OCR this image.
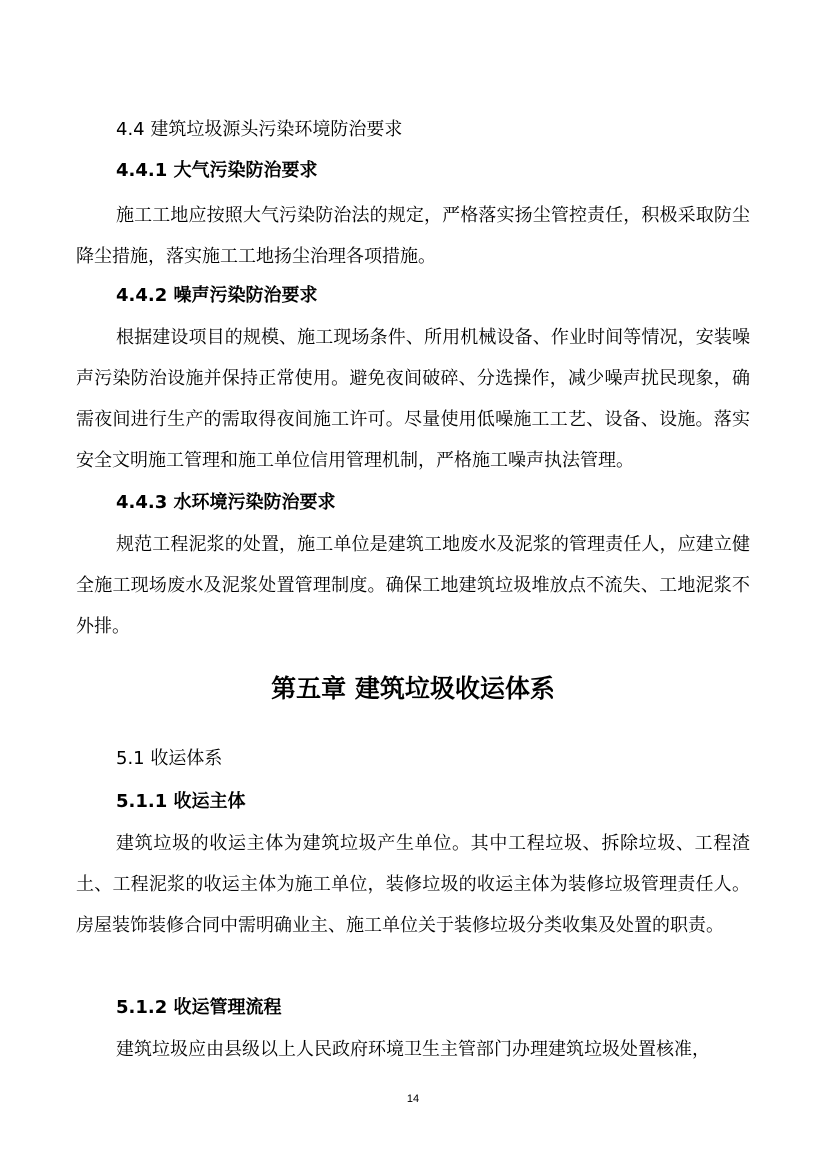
4.4 建筑垃圾源头污染环境防治要求
4.4.1 大气污染防治要求

施工工地应按照大气污染防治法的规定，严格落实扬尘管控责任，积极采取防尘降尘措施，落实施工工地扬尘治理各项措施。

4.4.2 噪声污染防治要求

根据建设项目的规模、施工现场条件、所用机械设备、作业时间等情况，安装噪声污染防治设施并保持正常使用。避免夜间破碎、分选操作，减少噪声扰民现象，确需夜间进行生产的需取得夜间施工许可。尽量使用低噪施工工艺、设备、设施。落实安全文明施工管理和施工单位信用管理机制，严格施工噪声执法管理。

4.4.3 水环境污染防治要求

规范工程泥浆的处置，施工单位是建筑工地废水及泥浆的管理责任人，应建立健全施工现场废水及泥浆处置管理制度。确保工地建筑垃圾堆放点不流失、工地泥浆不外排。

第五章 建筑垃圾收运体系
5.1 收运体系
5.1.1 收运主体

建筑垃圾的收运主体为建筑垃圾产生单位。其中工程垃圾、拆除垃圾、工程渣土、工程泥浆的收运主体为施工单位，装修垃圾的收运主体为装修垃圾管理责任人。房屋装饰装修合同中需明确业主、施工单位关于装修垃圾分类收集及处置的职责。

5.1.2 收运管理流程

建筑垃圾应由县级以上人民政府环境卫生主管部门办理建筑垃圾处置核准，

14
